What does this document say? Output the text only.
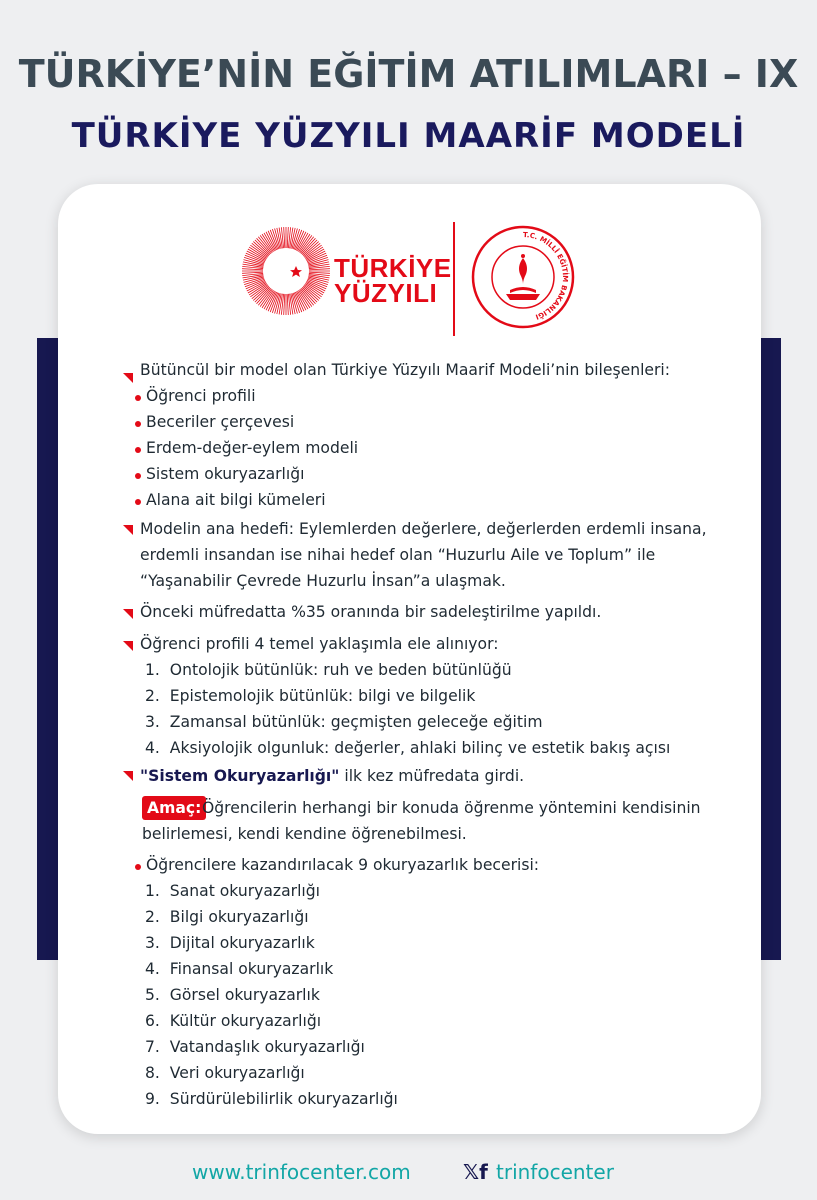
TÜRKİYE’NİN EĞİTİM ATILIMLARI – IX
TÜRKİYE YÜZYILI MAARİF MODELİ
TÜRKİYE
YÜZYILI
T.C. MİLLÎ EĞİTİM BAKANLIĞI
Bütüncül bir model olan Türkiye Yüzyılı Maarif Modeli’nin bileşenleri:
Öğrenci profili
Beceriler çerçevesi
Erdem-değer-eylem modeli
Sistem okuryazarlığı
Alana ait bilgi kümeleri
Modelin ana hedefi: Eylemlerden değerlere, değerlerden erdemli insana,
erdemli insandan ise nihai hedef olan “Huzurlu Aile ve Toplum” ile
“Yaşanabilir Çevrede Huzurlu İnsan”a ulaşmak.
Önceki müfredatta %35 oranında bir sadeleştirilme yapıldı.
Öğrenci profili 4 temel yaklaşımla ele alınıyor:
1.  Ontolojik bütünlük: ruh ve beden bütünlüğü
2.  Epistemolojik bütünlük: bilgi ve bilgelik
3.  Zamansal bütünlük: geçmişten geleceğe eğitim
4.  Aksiyolojik olgunluk: değerler, ahlaki bilinç ve estetik bakış açısı
"Sistem Okuryazarlığı" ilk kez müfredata girdi.
Amaç: Öğrencilerin herhangi bir konuda öğrenme yöntemini kendisinin
belirlemesi, kendi kendine öğrenebilmesi.
Öğrencilere kazandırılacak 9 okuryazarlık becerisi:
1.  Sanat okuryazarlığı
2.  Bilgi okuryazarlığı
3.  Dijital okuryazarlık
4.  Finansal okuryazarlık
5.  Görsel okuryazarlık
6.  Kültür okuryazarlığı
7.  Vatandaşlık okuryazarlığı
8.  Veri okuryazarlığı
9.  Sürdürülebilirlik okuryazarlığı
www.trinfocenter.com	𝕏f trinfocenter
